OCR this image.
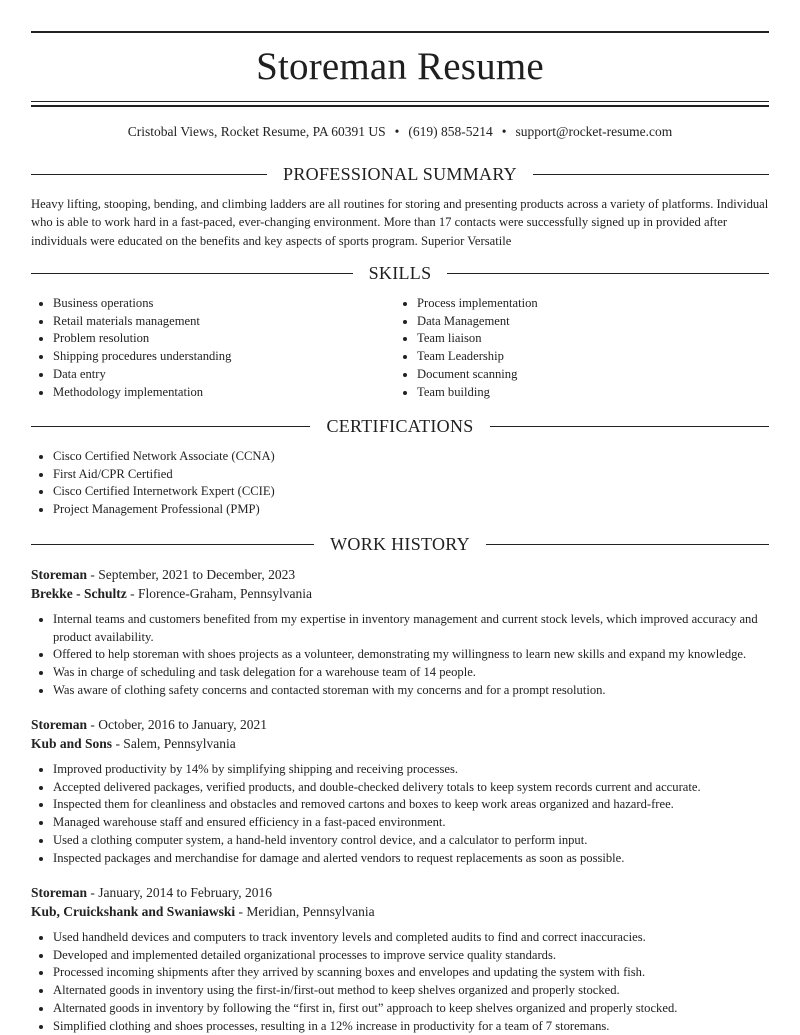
Storeman Resume
Cristobal Views, Rocket Resume, PA 60391 US • (619) 858-5214 • support@rocket-resume.com
PROFESSIONAL SUMMARY

Heavy lifting, stooping, bending, and climbing ladders are all routines for storing and presenting products across a variety of platforms. Individual who is able to work hard in a fast-paced, ever-changing environment. More than 17 contacts were successfully signed up in provided after individuals were educated on the benefits and key aspects of sports program. Superior Versatile

SKILLS
Business operations
Retail materials management
Problem resolution
Shipping procedures understanding
Data entry
Methodology implementation
Process implementation
Data Management
Team liaison
Team Leadership
Document scanning
Team building
CERTIFICATIONS
Cisco Certified Network Associate (CCNA)
First Aid/CPR Certified
Cisco Certified Internetwork Expert (CCIE)
Project Management Professional (PMP)
WORK HISTORY
Storeman - September, 2021 to December, 2023
Brekke - Schultz - Florence-Graham, Pennsylvania
Internal teams and customers benefited from my expertise in inventory management and current stock levels, which improved accuracy and product availability.
Offered to help storeman with shoes projects as a volunteer, demonstrating my willingness to learn new skills and expand my knowledge.
Was in charge of scheduling and task delegation for a warehouse team of 14 people.
Was aware of clothing safety concerns and contacted storeman with my concerns and for a prompt resolution.
Storeman - October, 2016 to January, 2021
Kub and Sons - Salem, Pennsylvania
Improved productivity by 14% by simplifying shipping and receiving processes.
Accepted delivered packages, verified products, and double-checked delivery totals to keep system records current and accurate.
Inspected them for cleanliness and obstacles and removed cartons and boxes to keep work areas organized and hazard-free.
Managed warehouse staff and ensured efficiency in a fast-paced environment.
Used a clothing computer system, a hand-held inventory control device, and a calculator to perform input.
Inspected packages and merchandise for damage and alerted vendors to request replacements as soon as possible.
Storeman - January, 2014 to February, 2016
Kub, Cruickshank and Swaniawski - Meridian, Pennsylvania
Used handheld devices and computers to track inventory levels and completed audits to find and correct inaccuracies.
Developed and implemented detailed organizational processes to improve service quality standards.
Processed incoming shipments after they arrived by scanning boxes and envelopes and updating the system with fish.
Alternated goods in inventory using the first-in/first-out method to keep shelves organized and properly stocked.
Alternated goods in inventory by following the “first in, first out” approach to keep shelves organized and properly stocked.
Simplified clothing and shoes processes, resulting in a 12% increase in productivity for a team of 7 storemans.
